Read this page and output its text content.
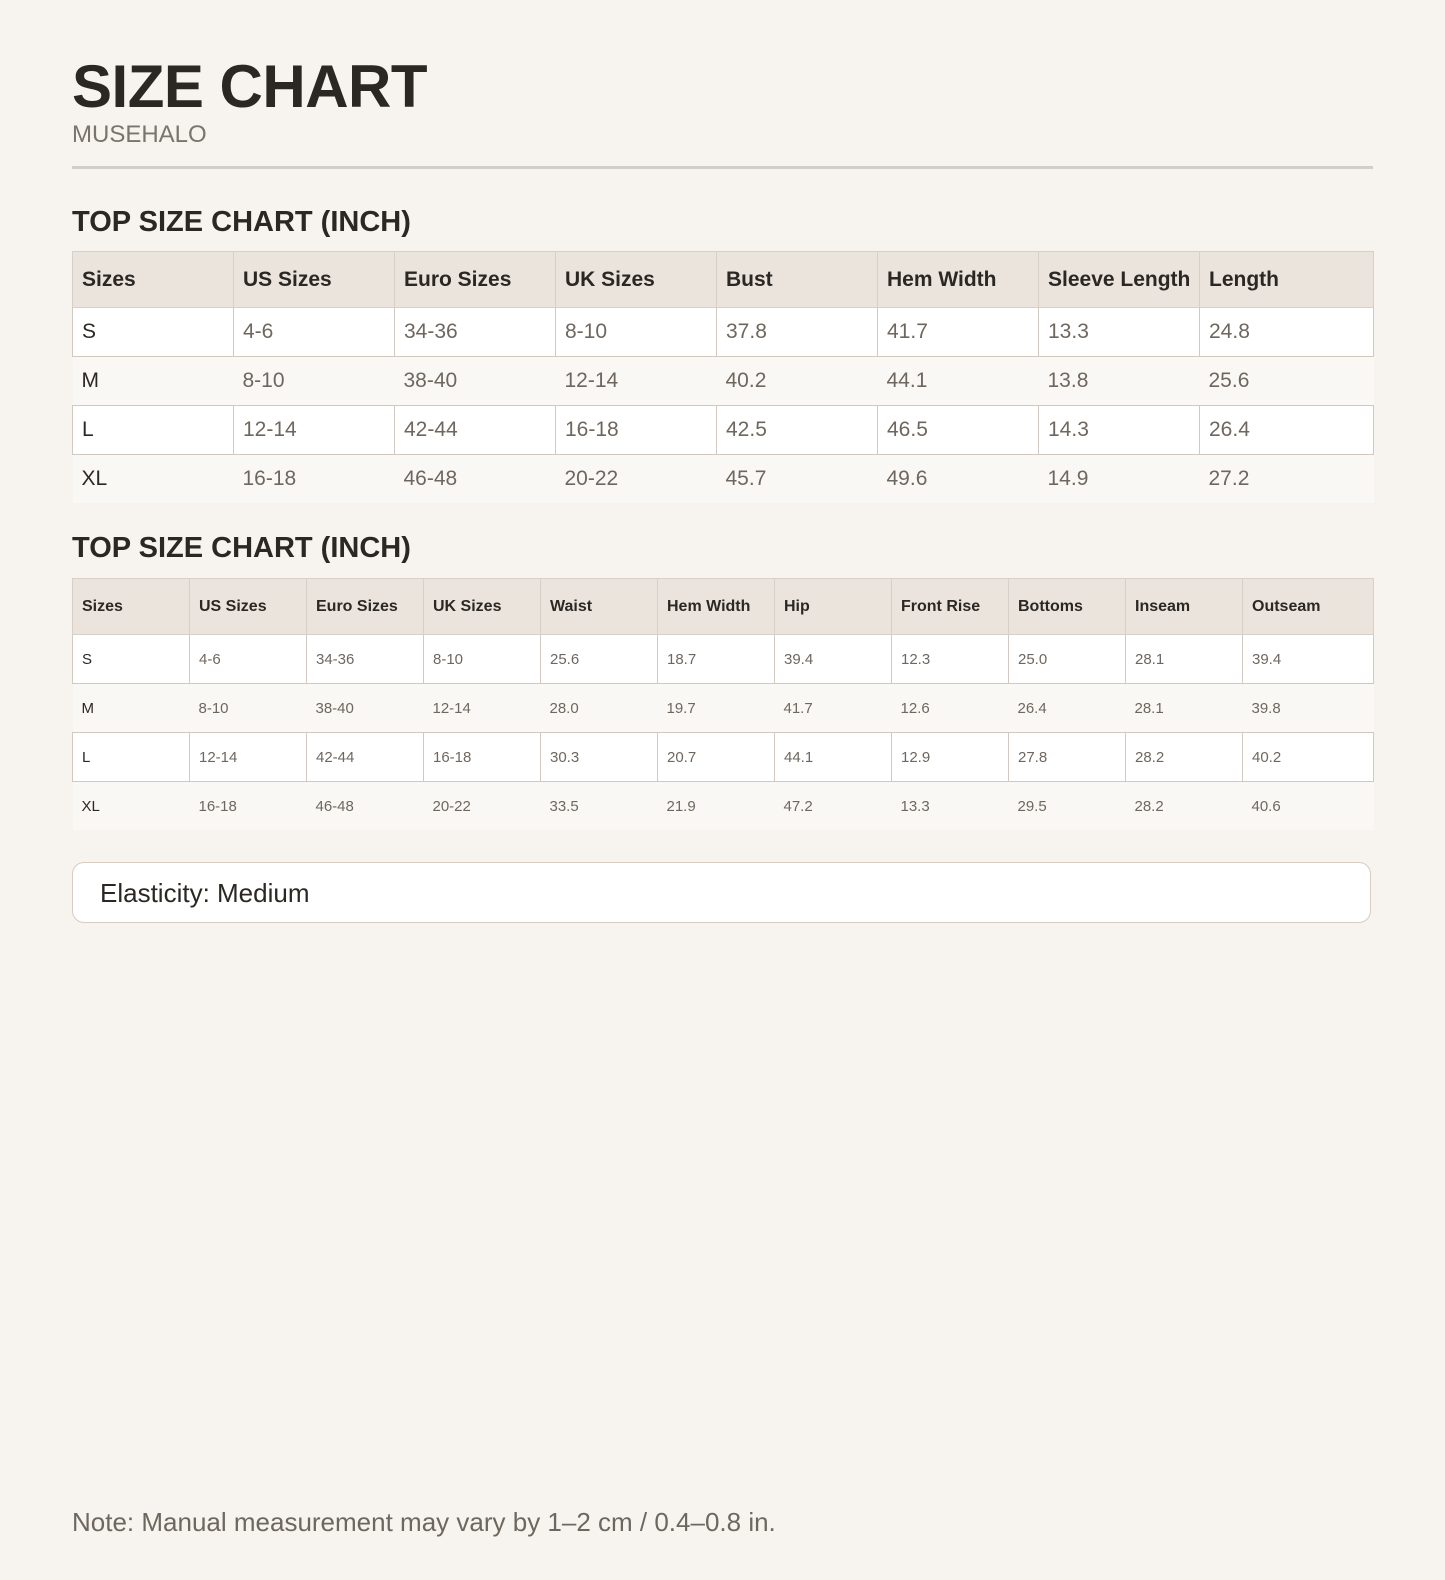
SIZE CHART
MUSEHALO
TOP SIZE CHART (INCH)
Sizes	US Sizes	Euro Sizes	UK Sizes	Bust	Hem Width	Sleeve Length	Length
S	4-6	34-36	8-10	37.8	41.7	13.3	24.8
M	8-10	38-40	12-14	40.2	44.1	13.8	25.6
L	12-14	42-44	16-18	42.5	46.5	14.3	26.4
XL	16-18	46-48	20-22	45.7	49.6	14.9	27.2
TOP SIZE CHART (INCH)
Sizes	US Sizes	Euro Sizes	UK Sizes	Waist	Hem Width	Hip	Front Rise	Bottoms	Inseam	Outseam
S	4-6	34-36	8-10	25.6	18.7	39.4	12.3	25.0	28.1	39.4
M	8-10	38-40	12-14	28.0	19.7	41.7	12.6	26.4	28.1	39.8
L	12-14	42-44	16-18	30.3	20.7	44.1	12.9	27.8	28.2	40.2
XL	16-18	46-48	20-22	33.5	21.9	47.2	13.3	29.5	28.2	40.6
Elasticity: Medium
Note: Manual measurement may vary by 1–2 cm / 0.4–0.8 in.
